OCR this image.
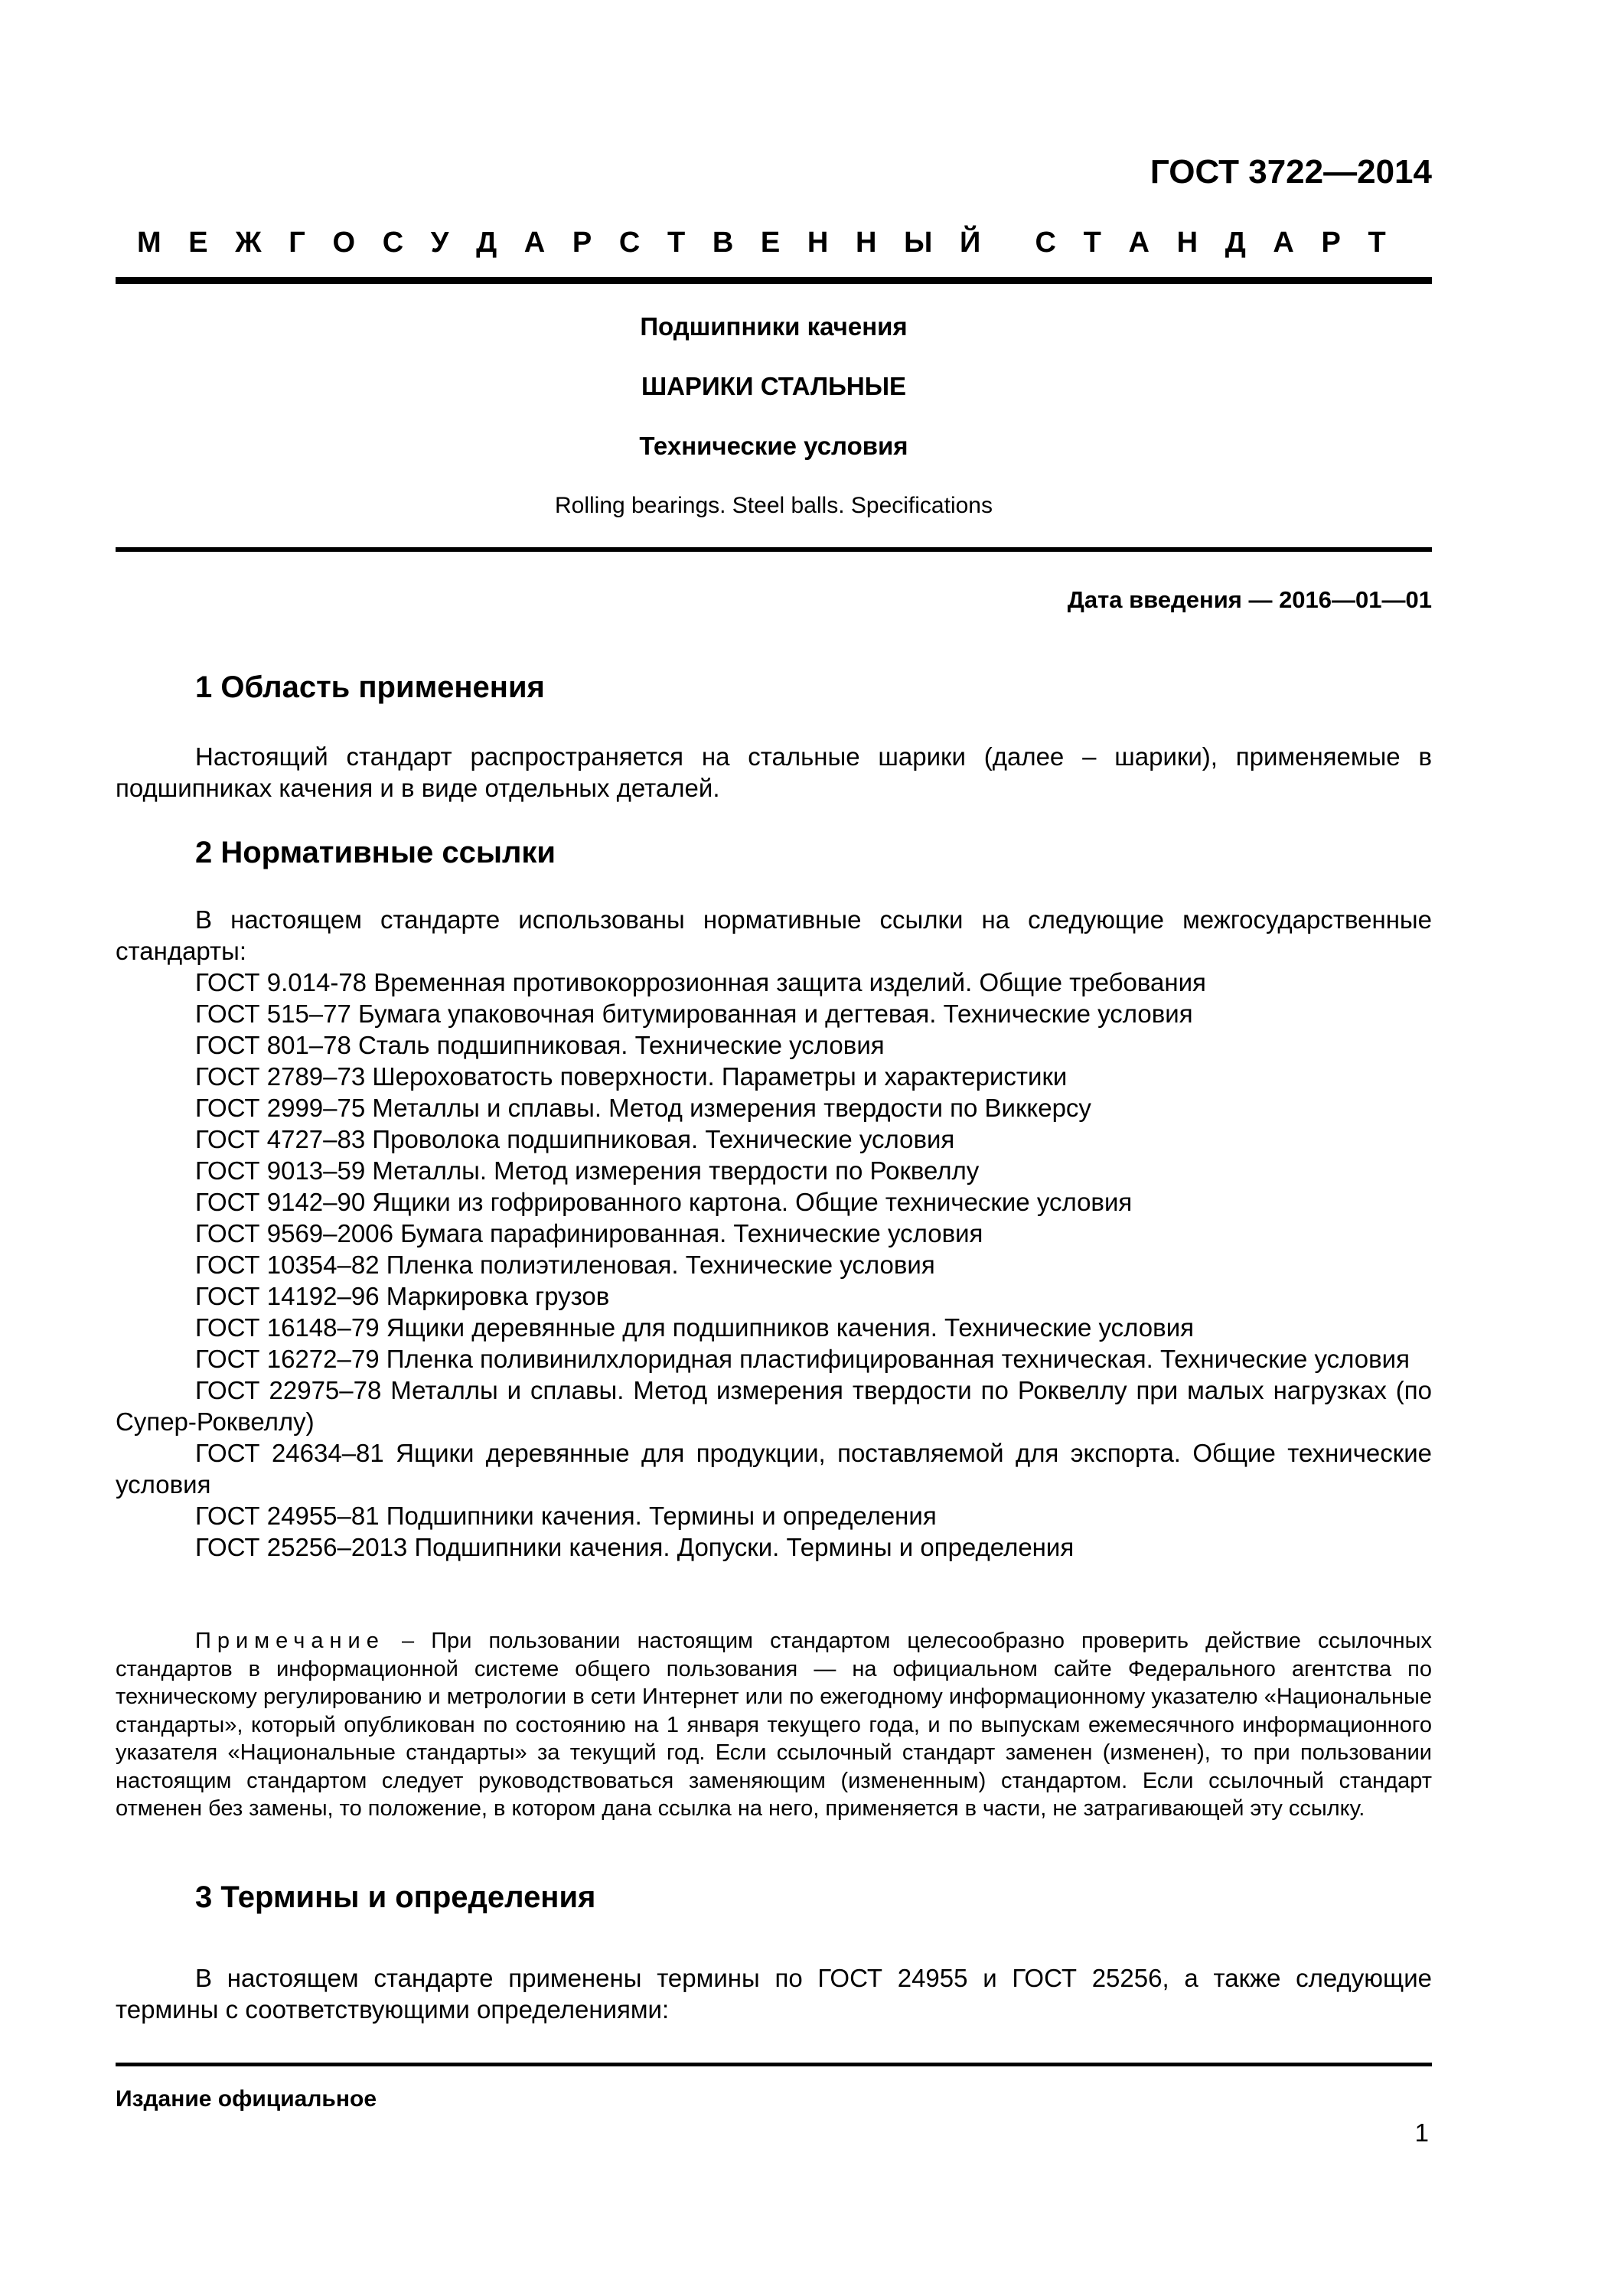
ГОСТ 3722—2014
М Е Ж Г О С У Д А Р С Т В Е Н Н Ы Й С Т А Н Д А Р Т
Подшипники качения
ШАРИКИ СТАЛЬНЫЕ
Технические условия
Rolling bearings. Steel balls. Specifications
Дата введения — 2016—01—01
1 Область применения
Настоящий стандарт распространяется на стальные шарики (далее – шарики), применяемые в подшипниках качения и в виде отдельных деталей.
2 Нормативные ссылки
В настоящем стандарте использованы нормативные ссылки на следующие межгосударственные стандарты:
ГОСТ 9.014-78 Временная противокоррозионная защита изделий. Общие требования
ГОСТ 515–77 Бумага упаковочная битумированная и дегтевая. Технические условия
ГОСТ 801–78 Сталь подшипниковая. Технические условия
ГОСТ 2789–73 Шероховатость поверхности. Параметры и характеристики
ГОСТ 2999–75 Металлы и сплавы. Метод измерения твердости по Виккерсу
ГОСТ 4727–83 Проволока подшипниковая. Технические условия
ГОСТ 9013–59 Металлы. Метод измерения твердости по Роквеллу
ГОСТ 9142–90 Ящики из гофрированного картона. Общие технические условия
ГОСТ 9569–2006 Бумага парафинированная. Технические условия
ГОСТ 10354–82 Пленка полиэтиленовая. Технические условия
ГОСТ 14192–96 Маркировка грузов
ГОСТ 16148–79 Ящики деревянные для подшипников качения. Технические условия
ГОСТ 16272–79 Пленка поливинилхлоридная пластифицированная техническая. Технические условия
ГОСТ 22975–78 Металлы и сплавы. Метод измерения твердости по Роквеллу при малых нагрузках (по Супер-Роквеллу)
ГОСТ 24634–81 Ящики деревянные для продукции, поставляемой для экспорта. Общие технические условия
ГОСТ 24955–81 Подшипники качения. Термины и определения
ГОСТ 25256–2013 Подшипники качения. Допуски. Термины и определения
Примечание – При пользовании настоящим стандартом целесообразно проверить действие ссылочных стандартов в информационной системе общего пользования — на официальном сайте Федерального агентства по техническому регулированию и метрологии в сети Интернет или по ежегодному информационному указателю «Национальные стандарты», который опубликован по состоянию на 1 января текущего года, и по выпускам ежемесячного информационного указателя «Национальные стандарты» за текущий год. Если ссылочный стандарт заменен (изменен), то при пользовании настоящим стандартом следует руководствоваться заменяющим (измененным) стандартом. Если ссылочный стандарт отменен без замены, то положение, в котором дана ссылка на него, применяется в части, не затрагивающей эту ссылку.
3 Термины и определения
В настоящем стандарте применены термины по ГОСТ 24955 и ГОСТ 25256, а также следующие термины с соответствующими определениями:
Издание официальное
1
